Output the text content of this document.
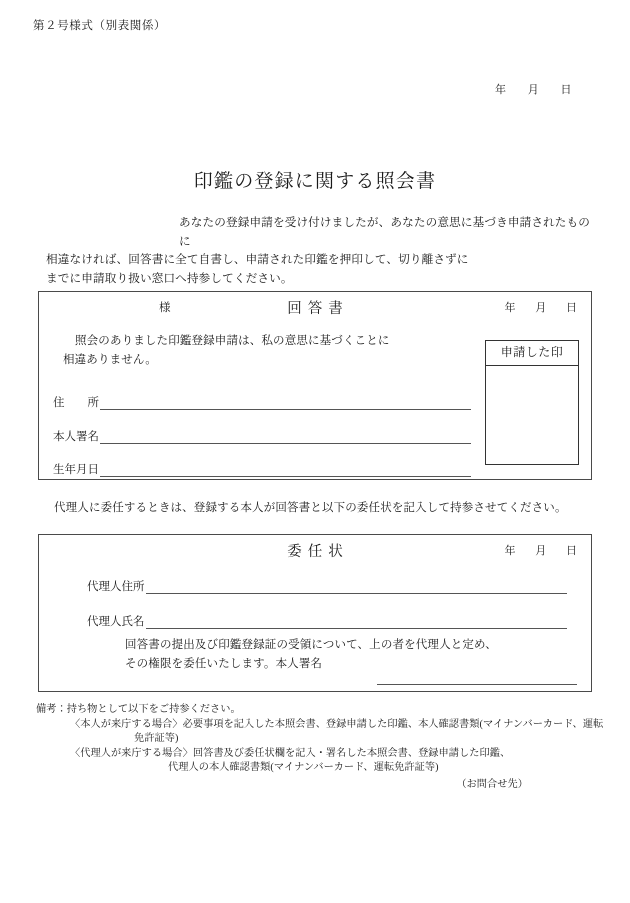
第２号様式（別表関係）
年 月 日
印鑑の登録に関する照会書
あなたの登録申請を受け付けましたが、あなたの意思に基づき申請されたものに
相違なければ、回答書に全て自書し、申請された印鑑を押印して、切り離さずに
までに申請取り扱い窓口へ持参してください。
様	回答書	年 月 日
照会のありました印鑑登録申請は、私の意思に基づくことに
相違ありません。
住　　所
本人署名
生年月日
申請した印
代理人に委任するときは、登録する本人が回答書と以下の委任状を記入して持参させてください。
委任状	年 月 日
代理人住所
代理人氏名
回答書の提出及び印鑑登録証の受領について、上の者を代理人と定め、
その権限を委任いたします。本人署名
備考：持ち物として以下をご持参ください。
〈本人が来庁する場合〉必要事項を記入した本照会書、登録申請した印鑑、本人確認書類(マイナンバーカード、運転
免許証等)
〈代理人が来庁する場合〉回答書及び委任状欄を記入・署名した本照会書、登録申請した印鑑、
代理人の本人確認書類(マイナンバーカード、運転免許証等)
（お問合せ先）
